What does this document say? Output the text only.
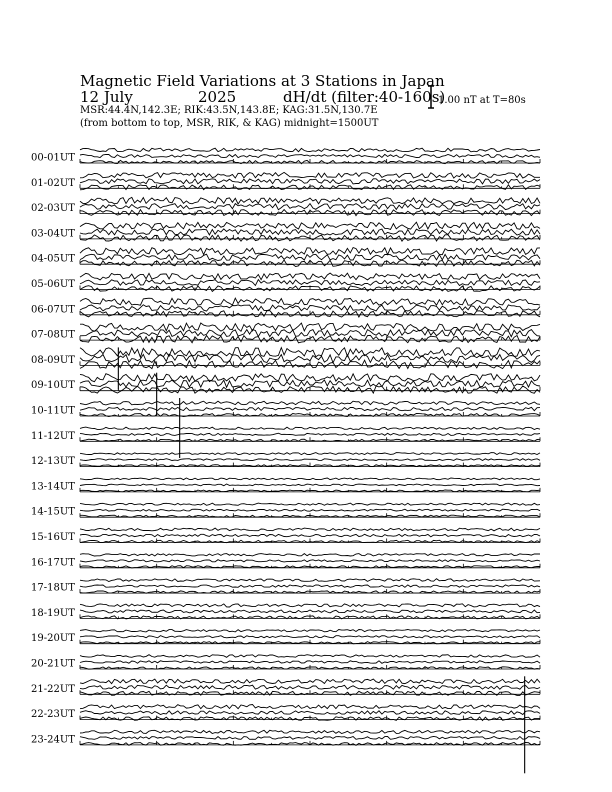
Magnetic Field Variations at 3 Stations in Japan
12 July	2025	dH/dt (filter:40-160s)
MSR:44.4N,142.3E; RIK:43.5N,143.8E; KAG:31.5N,130.7E
(from bottom to top, MSR, RIK, & KAG) midnight=1500UT
1.00 nT at T=80s
00-01UT
01-02UT
02-03UT
03-04UT
04-05UT
05-06UT
06-07UT
07-08UT
08-09UT
09-10UT
10-11UT
11-12UT
12-13UT
13-14UT
14-15UT
15-16UT
16-17UT
17-18UT
18-19UT
19-20UT
20-21UT
21-22UT
22-23UT
23-24UT
